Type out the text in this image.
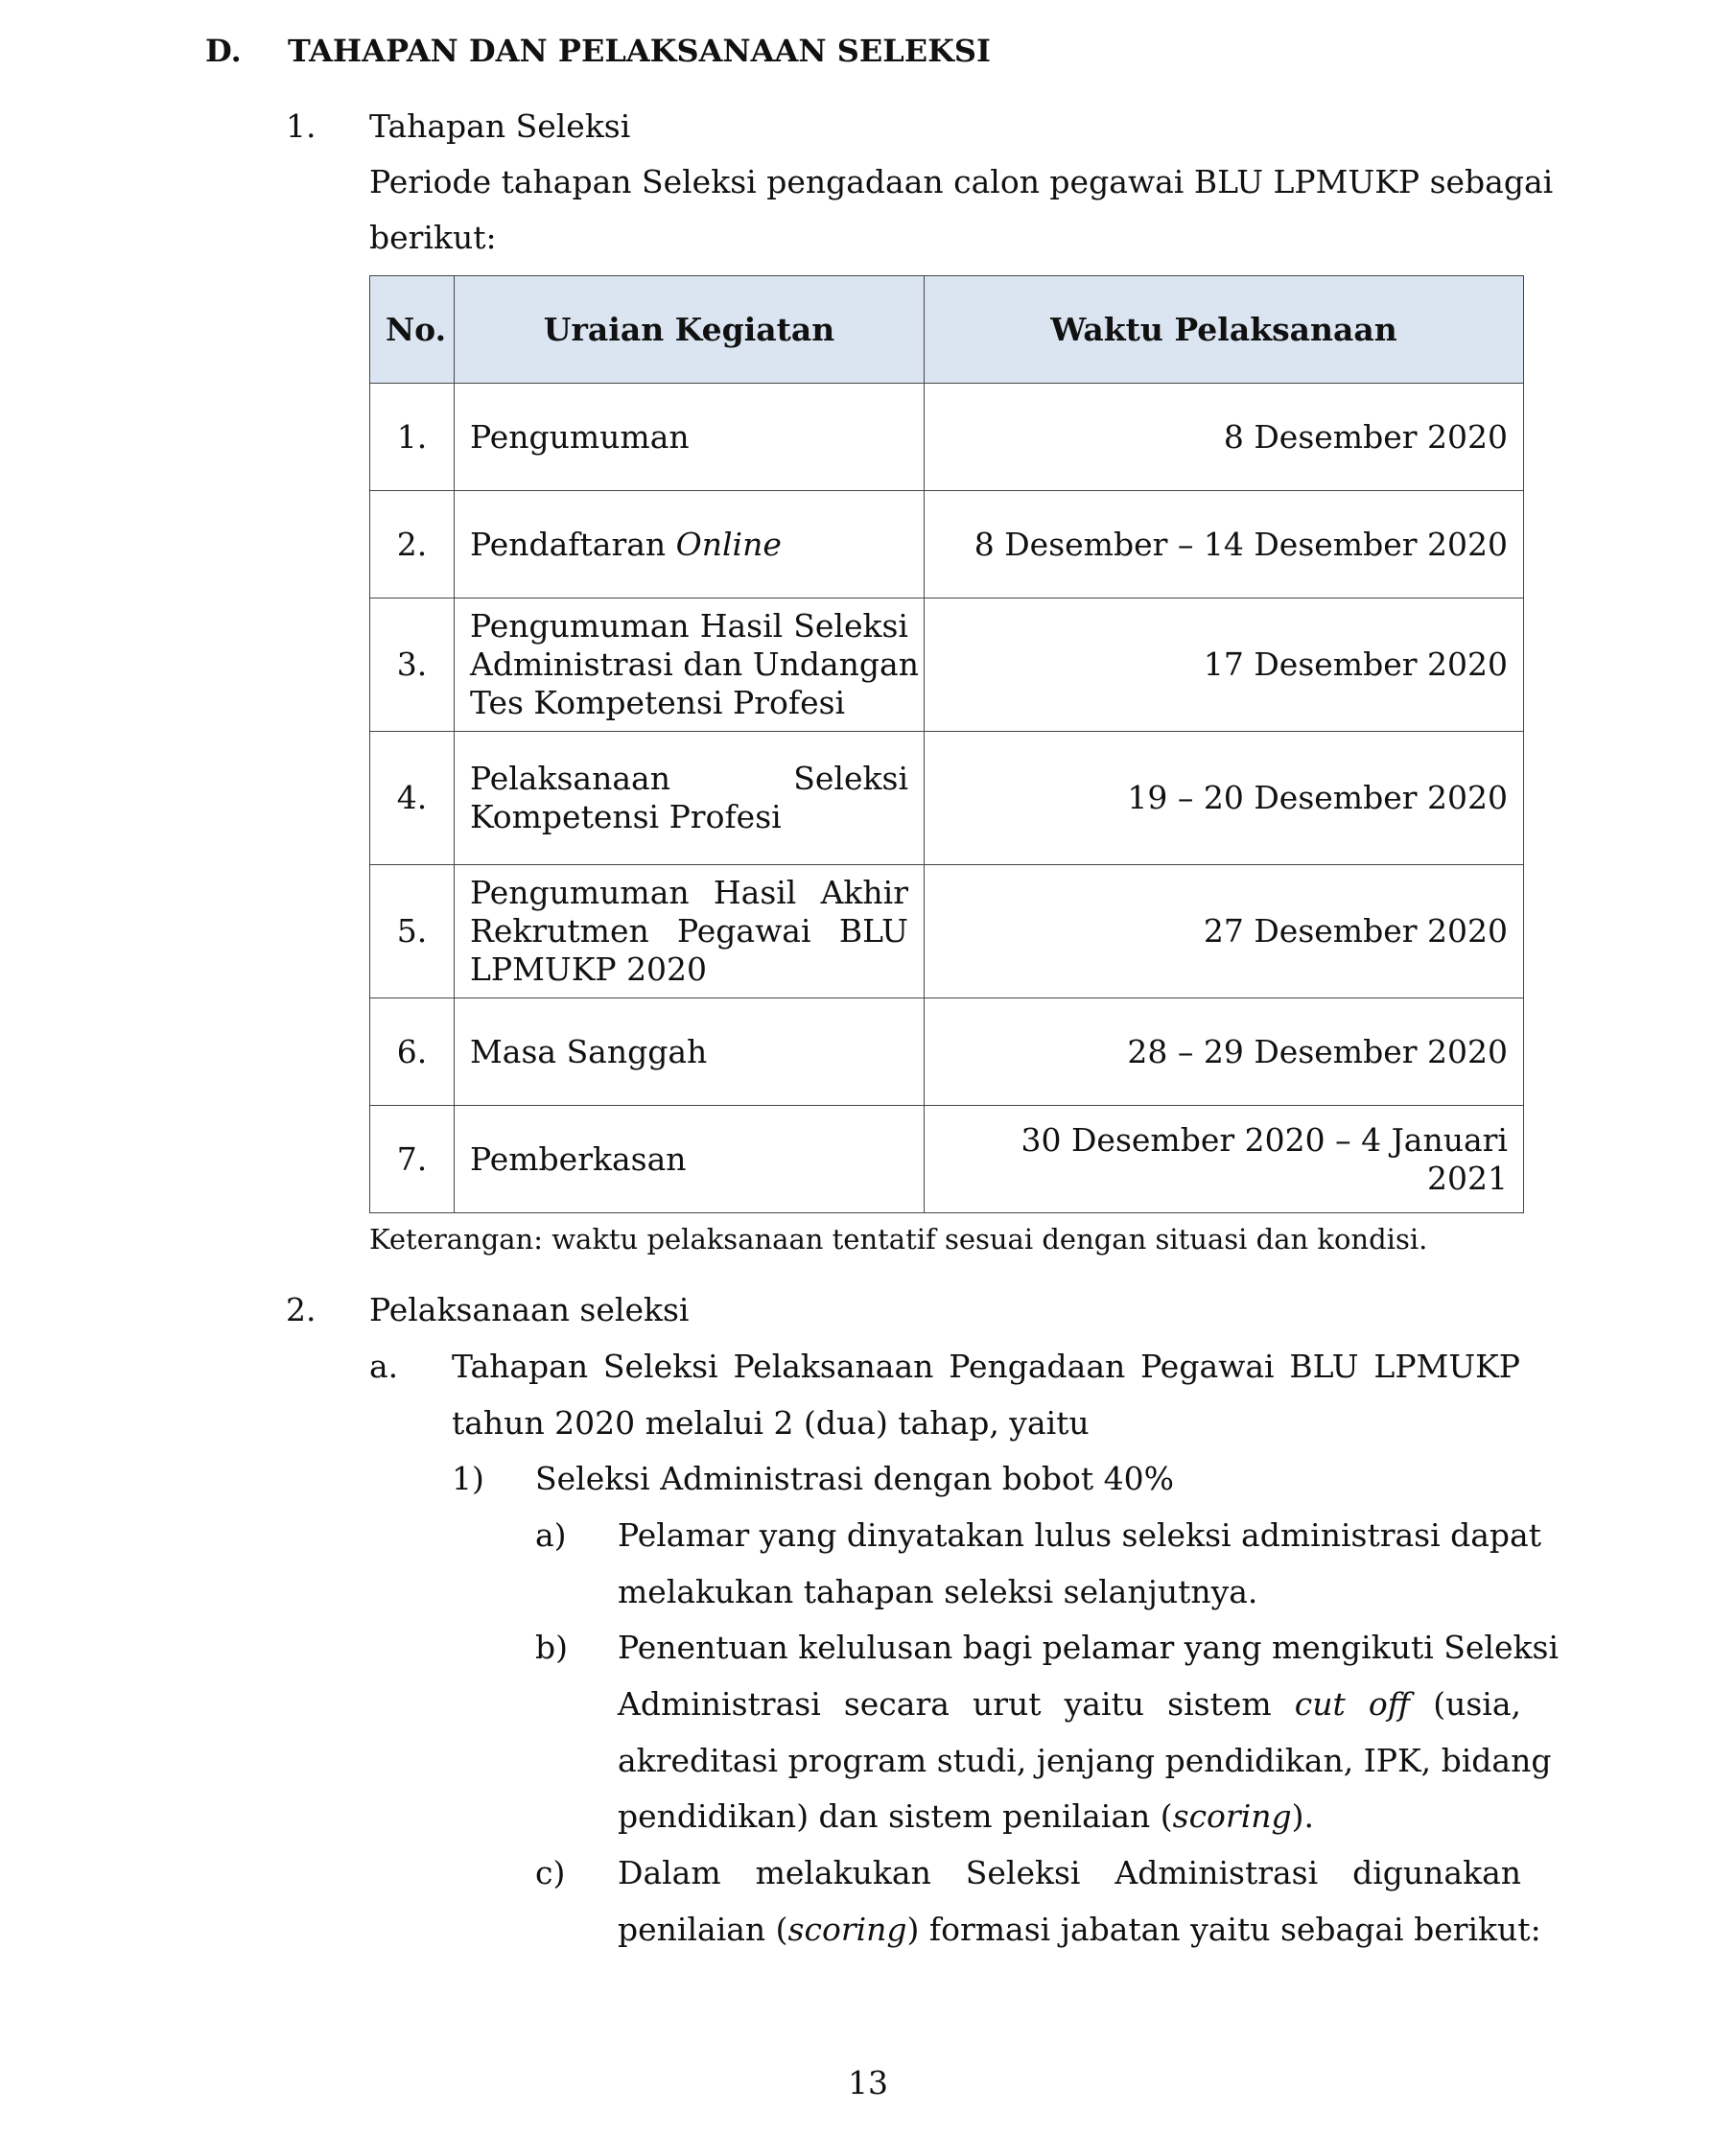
D. TAHAPAN DAN PELAKSANAAN SELEKSI
1. Tahapan Seleksi
Periode tahapan Seleksi pengadaan calon pegawai BLU LPMUKP sebagai
berikut:
No.	Uraian Kegiatan	Waktu Pelaksanaan
1.	Pengumuman	8 Desember 2020
2.	Pendaftaran Online	8 Desember – 14 Desember 2020
3.	Pengumuman Hasil Seleksi
Administrasi dan Undangan
Tes Kompetensi Profesi	17 Desember 2020
4.	Pelaksanaan Seleksi
Kompetensi Profesi	19 – 20 Desember 2020
5.	Pengumuman Hasil Akhir
Rekrutmen Pegawai BLU
LPMUKP 2020	27 Desember 2020
6.	Masa Sanggah	28 – 29 Desember 2020
7.	Pemberkasan	30 Desember 2020 – 4 Januari 2021
Keterangan: waktu pelaksanaan tentatif sesuai dengan situasi dan kondisi.
2. Pelaksanaan seleksi
a. Tahapan Seleksi Pelaksanaan Pengadaan Pegawai BLU LPMUKP
tahun 2020 melalui 2 (dua) tahap, yaitu
1) Seleksi Administrasi dengan bobot 40%
a) Pelamar yang dinyatakan lulus seleksi administrasi dapat
melakukan tahapan seleksi selanjutnya.
b) Penentuan kelulusan bagi pelamar yang mengikuti Seleksi
Administrasi secara urut yaitu sistem cut off (usia,
akreditasi program studi, jenjang pendidikan, IPK, bidang
pendidikan) dan sistem penilaian (scoring).
c) Dalam melakukan Seleksi Administrasi digunakan
penilaian (scoring) formasi jabatan yaitu sebagai berikut:
13
